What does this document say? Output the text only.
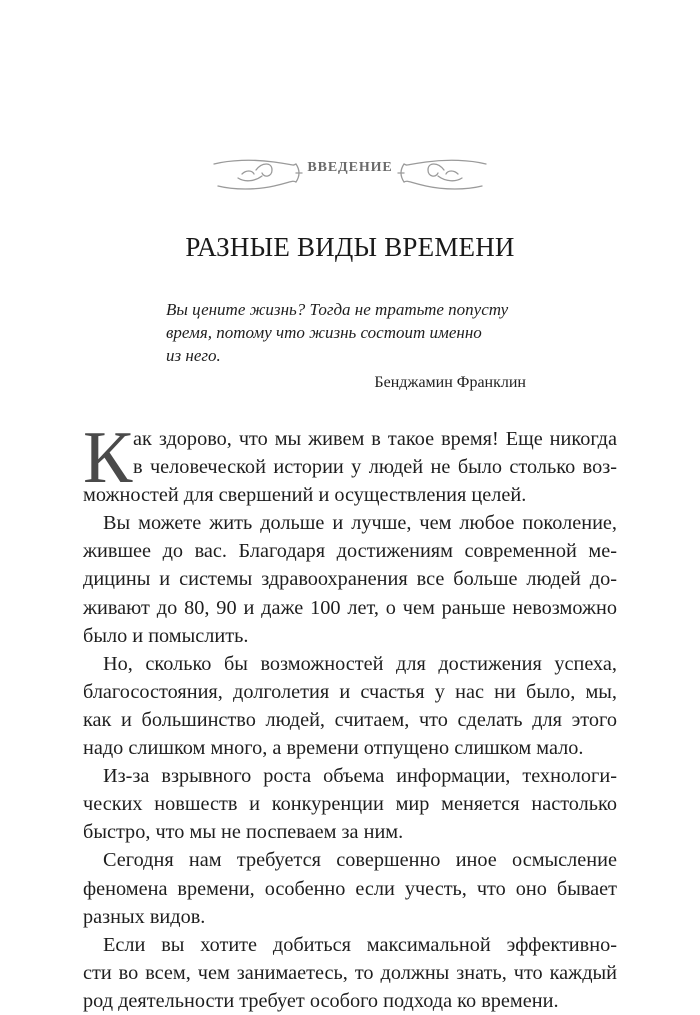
ВВЕДЕНИЕ
РАЗНЫЕ ВИДЫ ВРЕМЕНИ
Вы цените жизнь? Тогда не тратьте попусту
время, потому что жизнь состоит именно
из него.
Бенджамин Франклин
К ак здорово, что мы живем в такое время! Еще никогда
в человеческой истории у людей не было столько воз-
можностей для свершений и осуществления целей.
Вы можете жить дольше и лучше, чем любое поколение,
жившее до вас. Благодаря достижениям современной ме-
дицины и системы здравоохранения все больше людей до-
живают до 80, 90 и даже 100 лет, о чем раньше невозможно
было и помыслить.
Но, сколько бы возможностей для достижения успеха,
благосостояния, долголетия и счастья у нас ни было, мы,
как и большинство людей, считаем, что сделать для этого
надо слишком много, а времени отпущено слишком мало.
Из-за взрывного роста объема информации, технологи-
ческих новшеств и конкуренции мир меняется настолько
быстро, что мы не поспеваем за ним.
Сегодня нам требуется совершенно иное осмысление
феномена времени, особенно если учесть, что оно бывает
разных видов.
Если вы хотите добиться максимальной эффективно-
сти во всем, чем занимаетесь, то должны знать, что каждый
род деятельности требует особого подхода ко времени.
